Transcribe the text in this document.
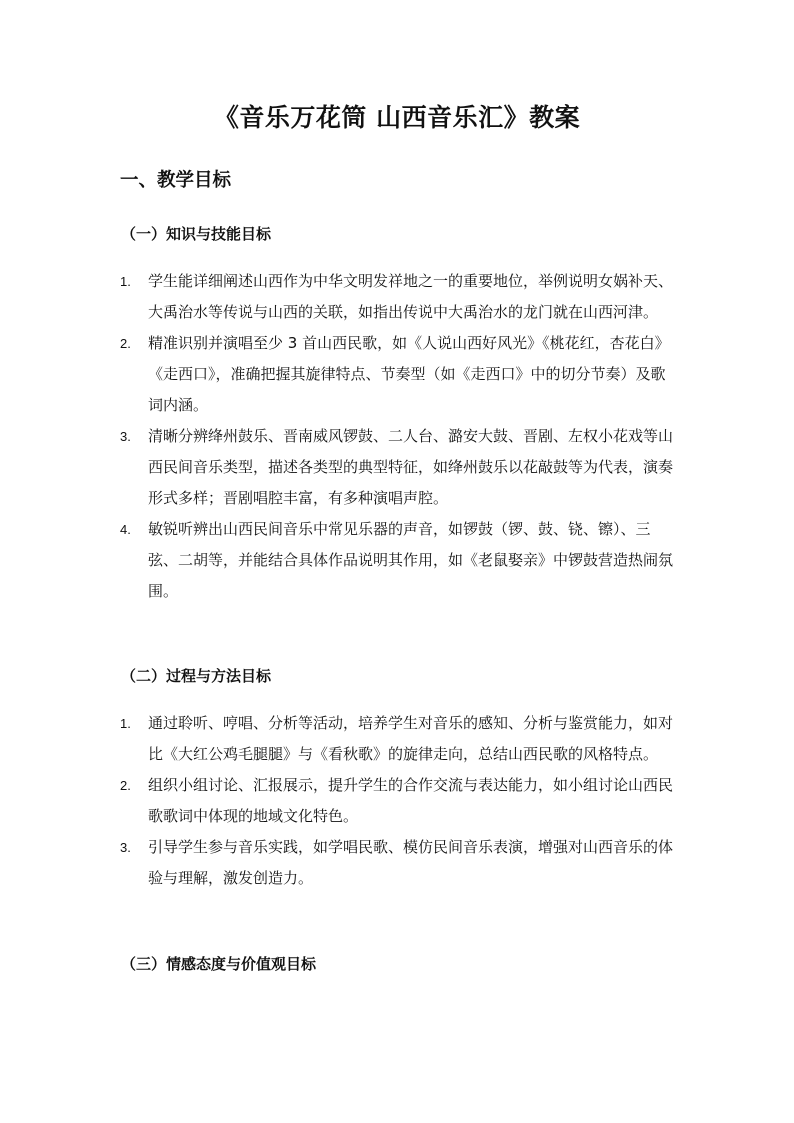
《音乐万花筒 山西音乐汇》教案
一、教学目标
（一）知识与技能目标
1.	学生能详细阐述山西作为中华文明发祥地之一的重要地位，举例说明女娲补天、大禹治水等传说与山西的关联，如指出传说中大禹治水的龙门就在山西河津。
2.	精准识别并演唱至少 3 首山西民歌，如《人说山西好风光》《桃花红，杏花白》《走西口》，准确把握其旋律特点、节奏型（如《走西口》中的切分节奏）及歌词内涵。
3.	清晰分辨绛州鼓乐、晋南威风锣鼓、二人台、潞安大鼓、晋剧、左权小花戏等山西民间音乐类型，描述各类型的典型特征，如绛州鼓乐以花敲鼓等为代表，演奏形式多样；晋剧唱腔丰富，有多种演唱声腔。
4.	敏锐听辨出山西民间音乐中常见乐器的声音，如锣鼓（锣、鼓、铙、镲）、三弦、二胡等，并能结合具体作品说明其作用，如《老鼠娶亲》中锣鼓营造热闹氛围。
（二）过程与方法目标
1.	通过聆听、哼唱、分析等活动，培养学生对音乐的感知、分析与鉴赏能力，如对比《大红公鸡毛腿腿》与《看秋歌》的旋律走向，总结山西民歌的风格特点。
2.	组织小组讨论、汇报展示，提升学生的合作交流与表达能力，如小组讨论山西民歌歌词中体现的地域文化特色。
3.	引导学生参与音乐实践，如学唱民歌、模仿民间音乐表演，增强对山西音乐的体验与理解，激发创造力。
（三）情感态度与价值观目标
